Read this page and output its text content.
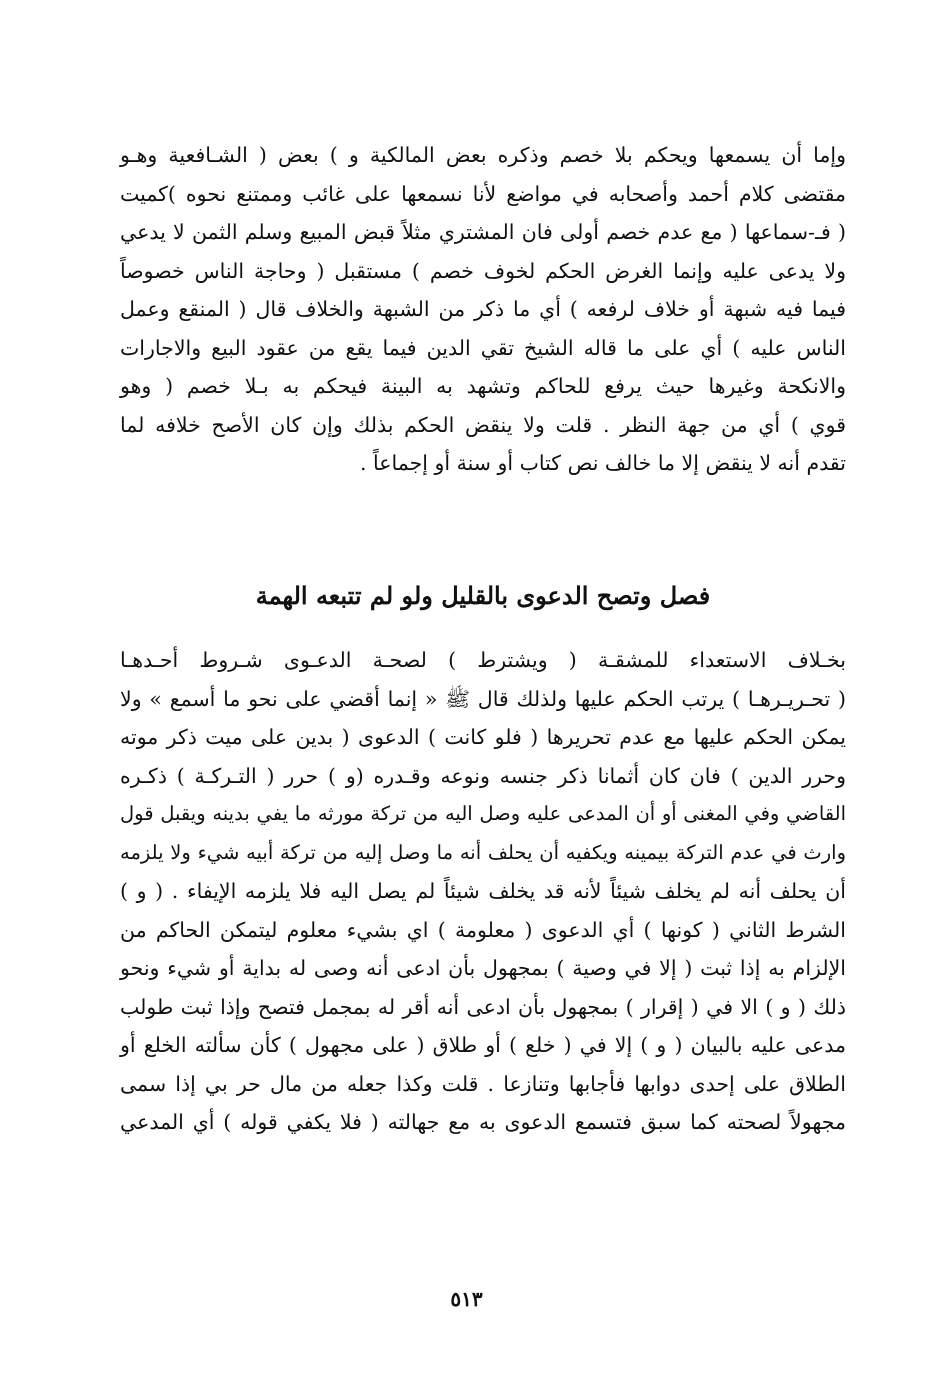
وإما أن يسمعها ويحكم بلا خصم وذكره بعض المالكية و ) بعض ( الشـافعية وهـو
مقتضى كلام أحمد وأصحابه في مواضع لأنا نسمعها على غائب وممتنع نحوه )كميت
( فـ-سماعها ( مع عدم خصم أولى فان المشتري مثلاً قبض المبيع وسلم الثمن لا يدعي
ولا يدعى عليه وإنما الغرض الحكم لخوف خصم ) مستقبل ( وحاجة الناس خصوصاً
فيما فيه شبهة أو خلاف لرفعه ) أي ما ذكر من الشبهة والخلاف قال ( المنقع وعمل
الناس عليه ) أي على ما قاله الشيخ تقي الدين فيما يقع من عقود البيع والاجارات
والانكحة وغيرها حيث يرفع للحاكم وتشهد به البينة فيحكم به بـلا خصم ( وهو
قوي ) أي من جهة النظر . قلت ولا ينقض الحكم بذلك وإن كان الأصح خلافه لما
تقدم أنه لا ينقض إلا ما خالف نص كتاب أو سنة أو إجماعاً .
فصل وتصح الدعوى بالقليل ولو لم تتبعه الهمة
بخـلاف الاستعداء للمشقـة ( ويشترط ) لصحـة الدعـوى شـروط أحـدهـا
( تحـريـرهـا ) يرتب الحكم عليها ولذلك قال ﷺ « إنما أقضي على نحو ما أسمع » ولا
يمكن الحكم عليها مع عدم تحريرها ( فلو كانت ) الدعوى ( بدين على ميت ذكر موته
وحرر الدين ) فان كان أثمانا ذكر جنسه ونوعه وقـدره (و ) حرر ( التـركـة ) ذكـره
القاضي وفي المغنى أو أن المدعى عليه وصل اليه من تركة مورثه ما يفي بدينه ويقبل قول
وارث في عدم التركة بيمينه ويكفيه أن يحلف أنه ما وصل إليه من تركة أبيه شيء ولا يلزمه
أن يحلف أنه لم يخلف شيئاً لأنه قد يخلف شيئاً لم يصل اليه فلا يلزمه الإيفاء . ( و )
الشرط الثاني ( كونها ) أي الدعوى ( معلومة ) اي بشيء معلوم ليتمكن الحاكم من
الإلزام به إذا ثبت ( إلا في وصية ) بمجهول بأن ادعى أنه وصى له بداية أو شيء ونحو
ذلك ( و ) الا في ( إقرار ) بمجهول بأن ادعى أنه أقر له بمجمل فتصح وإذا ثبت طولب
مدعى عليه بالبيان ( و ) إلا في ( خلع ) أو طلاق ( على مجهول ) كأن سألته الخلع أو
الطلاق على إحدى دوابها فأجابها وتنازعا . قلت وكذا جعله من مال حر بي إذا سمى
مجهولاً لصحته كما سبق فتسمع الدعوى به مع جهالته ( فلا يكفي قوله ) أي المدعي
٥١٣
